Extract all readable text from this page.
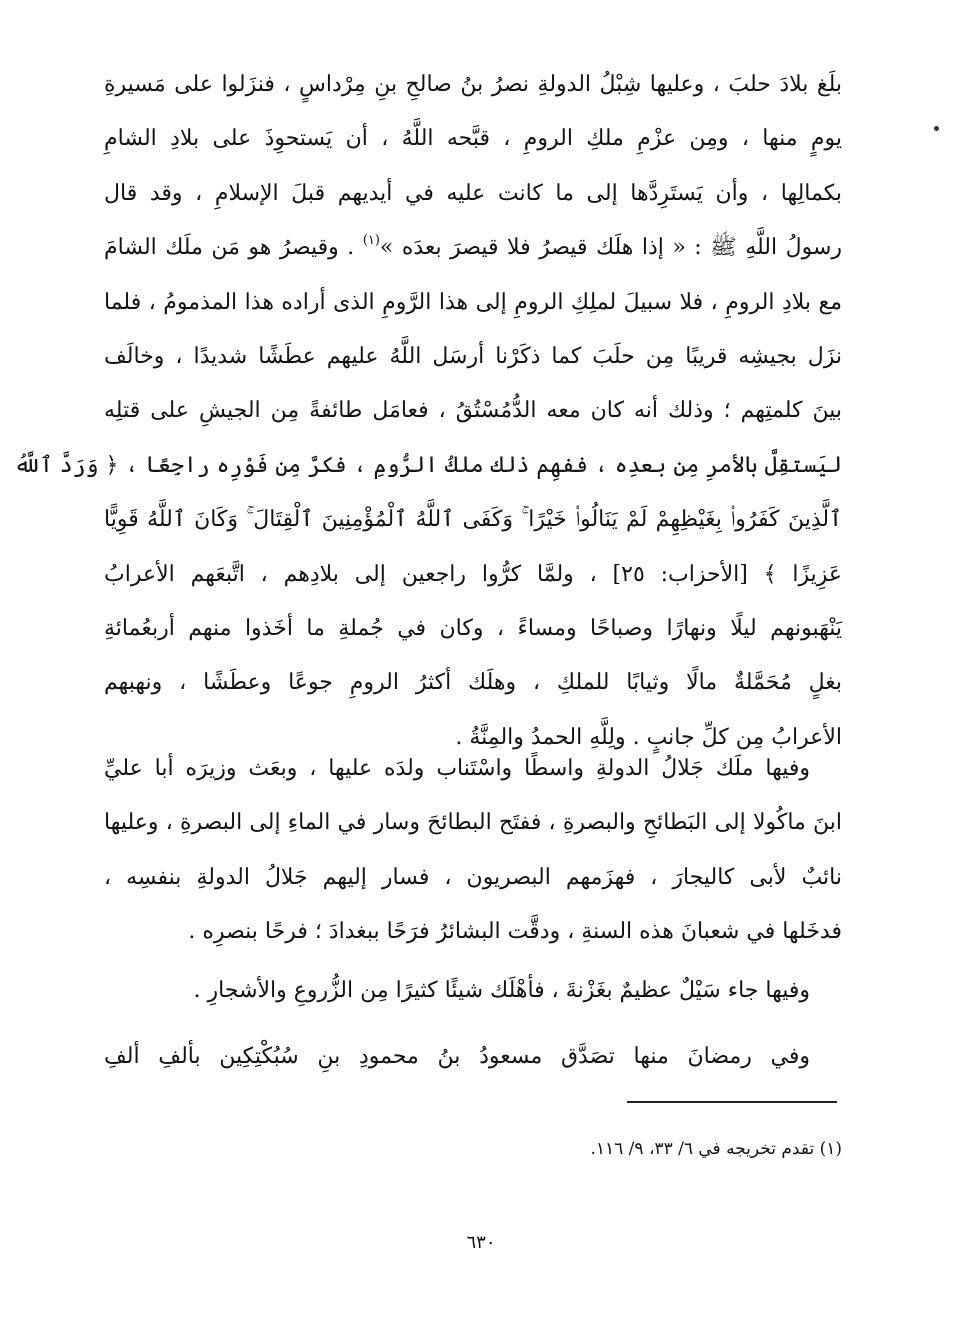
بلَغ بلادَ حلبَ ، وعليها شِبْلُ الدولةِ نصرُ بنُ صالحِ بنِ مِرْداسٍ ، فنزَلوا على مَسيرةِ
يومٍ منها ، ومِن عزْمِ ملكِ الرومِ ، قبَّحه اللَّهُ ، أن يَستحوِذَ على بلادِ الشامِ
بكمالِها ، وأن يَستَرِدَّها إلى ما كانت عليه في أيديهم قبلَ الإسلامِ ، وقد قال
رسولُ اللَّهِ ﷺ : « إذا هلَك قيصرُ فلا قيصرَ بعدَه »$^{(١)}$ . وقيصرُ هو مَن ملَك الشامَ
مع بلادِ الرومِ ، فلا سبيلَ لملِكِ الرومِ إلى هذا الرَّومِ الذى أراده هذا المذمومُ ، فلما
نزَل بجيشِه قريبًا مِن حلَبَ كما ذكَرْنا أرسَل اللَّهُ عليهم عطَشًا شديدًا ، وخالَف
بينَ كلمتِهم ؛ وذلك أنه كان معه الدُّمُسْتُقُ ، فعامَل طائفةً مِن الجيشِ على قتلِه
ليَستقِلَّ بالأمرِ مِن بعدِه ، ففهِم ذلك ملكُ الرُّومِ ، فكرَّ مِن فَوْرِه راجِعًا ، ﴿ وَرَدَّ ٱللَّهُ
ٱلَّذِينَ كَفَرُوا۟ بِغَيْظِهِمْ لَمْ يَنَالُوا۟ خَيْرًا ۚ وَكَفَى ٱللَّهُ ٱلْمُؤْمِنِينَ ٱلْقِتَالَ ۚ وَكَانَ ٱللَّهُ قَوِيًّا
عَزِيزًا ﴾ [الأحزاب: ٢٥] ، ولمَّا كرُّوا راجعين إلى بلادِهم ، اتَّبعَهم الأعرابُ
يَنْهَبونهم ليلًا ونهارًا وصباحًا ومساءً ، وكان في جُملةِ ما أخَذوا منهم أربعُمائةِ
بغلٍ مُحَمَّلةٌ مالًا وثيابًا للملكِ ، وهلَك أكثرُ الرومِ جوعًا وعطَشًا ، ونهبهم
الأعرابُ مِن كلِّ جانبٍ . ولِلَّهِ الحمدُ والمِنَّةُ .
وفيها ملَك جَلالُ الدولةِ واسطًا واسْتَناب ولدَه عليها ، وبعَث وزيرَه أبا عليِّ
ابنَ ماكُولا إلى البَطائحِ والبصرةِ ، ففتَح البطائحَ وسار في الماءِ إلى البصرةِ ، وعليها
نائبٌ لأبى كاليجارَ ، فهزَمهم البصريون ، فسار إليهم جَلالُ الدولةِ بنفسِه ،
فدخَلها في شعبانَ هذه السنةِ ، ودقَّت البشائرُ فرَحًا ببغدادَ ؛ فرحًا بنصرِه .
وفيها جاء سَيْلٌ عظيمٌ بغَزْنةَ ، فأهْلَك شيئًا كثيرًا مِن الزُّروعِ والأشجارِ .
وفي رمضانَ منها تصَدَّق مسعودُ بنُ محمودِ بنِ سُبُكْتِكِين بألفِ ألفِ
(١) تقدم تخريجه في ٦/ ٣٣، ٩/ ١١٦.
٦٣٠
